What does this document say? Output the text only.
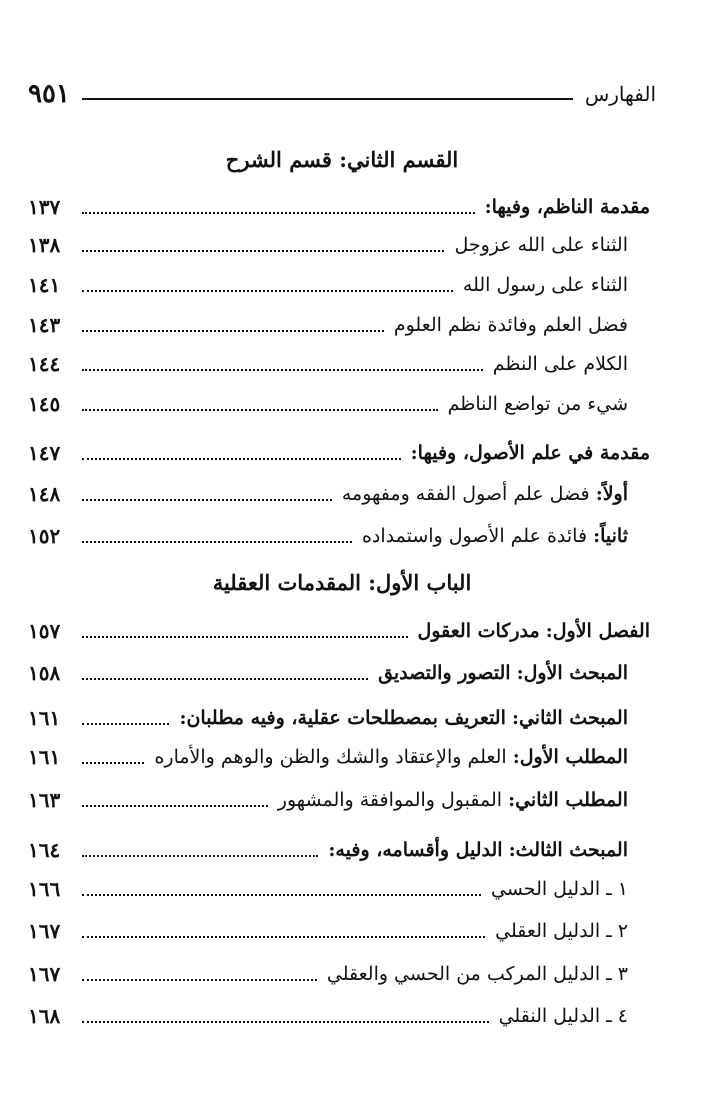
الفهارس
٩٥١
القسم الثاني: قسم الشرح
مقدمة الناظم، وفيها:
١٣٧
الثناء على الله عزوجل
١٣٨
الثناء على رسول الله
١٤١
فضل العلم وفائدة نظم العلوم
١٤٣
الكلام على النظم
١٤٤
شيء من تواضع الناظم
١٤٥
مقدمة في علم الأصول، وفيها:
١٤٧
أولاً: فضل علم أصول الفقه ومفهومه
١٤٨
ثانياً: فائدة علم الأصول واستمداده
١٥٢
الباب الأول: المقدمات العقلية
الفصل الأول: مدركات العقول
١٥٧
المبحث الأول: التصور والتصديق
١٥٨
المبحث الثاني: التعريف بمصطلحات عقلية، وفيه مطلبان:
١٦١
المطلب الأول: العلم والإعتقاد والشك والظن والوهم والأماره
١٦١
المطلب الثاني: المقبول والموافقة والمشهور
١٦٣
المبحث الثالث: الدليل وأقسامه، وفيه:
١٦٤
١ ـ الدليل الحسي
١٦٦
٢ ـ الدليل العقلي
١٦٧
٣ ـ الدليل المركب من الحسي والعقلي
١٦٧
٤ ـ الدليل النقلي
١٦٨
